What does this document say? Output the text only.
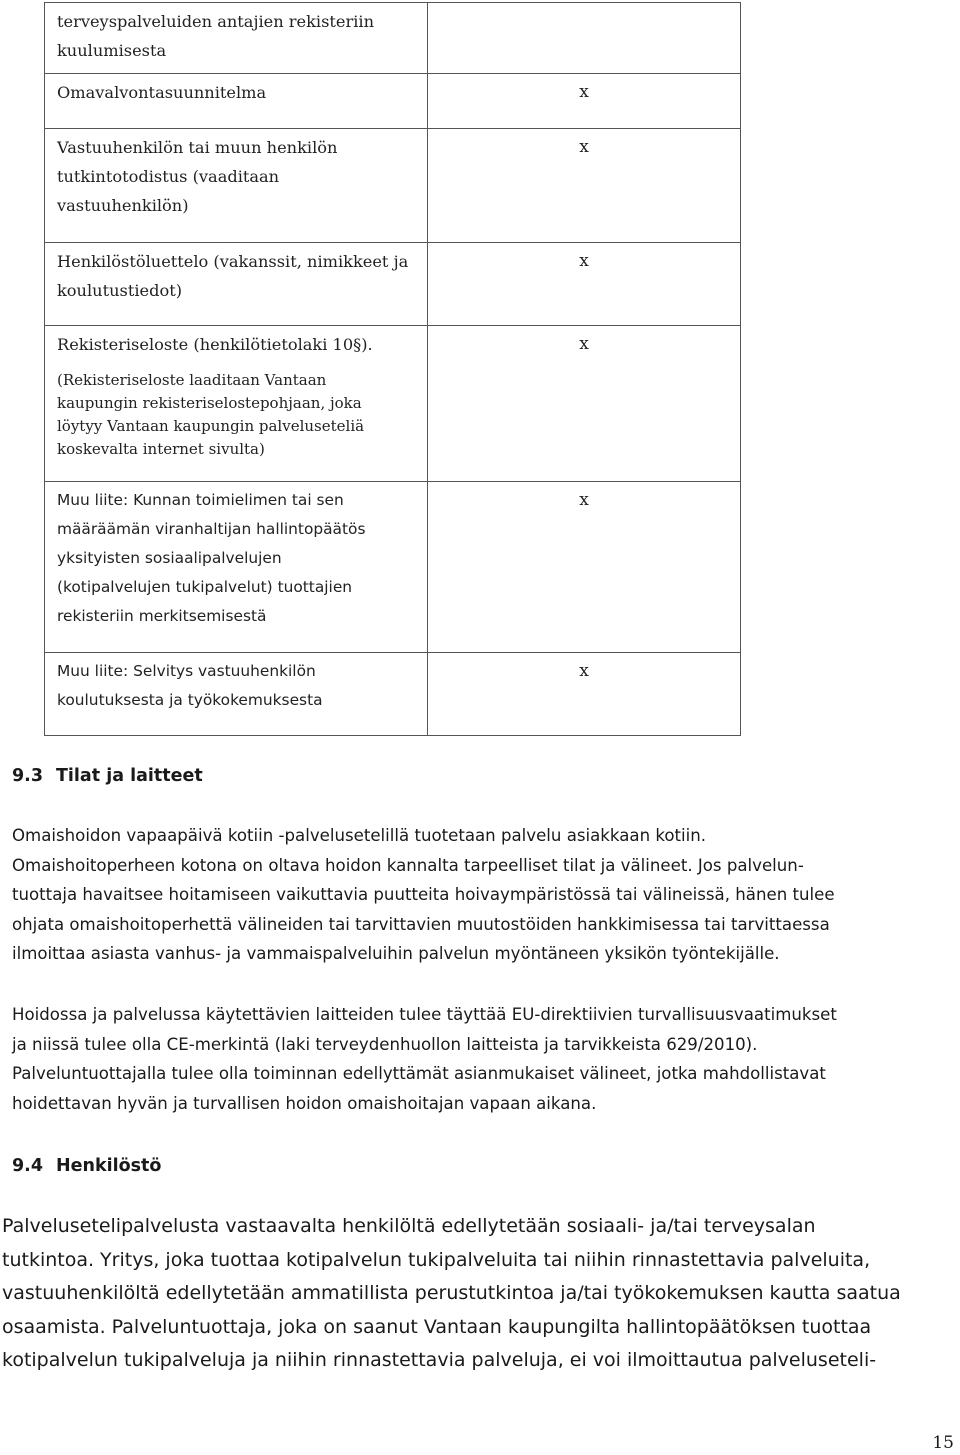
terveyspalveluiden antajien rekisteriin
kuulumisesta	

Omavalvontasuunnitelma	x

Vastuuhenkilön tai muun henkilön
tutkintotodistus (vaaditaan
vastuuhenkilön)	x

Henkilöstöluettelo (vakanssit, nimikkeet ja
koulutustiedot)	x

Rekisteriseloste (henkilötietolaki 10§).
(Rekisteriseloste laaditaan Vantaan
kaupungin rekisteriselostepohjaan, joka
löytyy Vantaan kaupungin palveluseteliä
koskevalta internet sivulta)	x

Muu liite: Kunnan toimielimen tai sen
määräämän viranhaltijan hallintopäätös
yksityisten sosiaalipalvelujen
(kotipalvelujen tukipalvelut) tuottajien
rekisteriin merkitsemisestä	x

Muu liite: Selvitys vastuuhenkilön
koulutuksesta ja työkokemuksesta	x
9.3 Tilat ja laitteet
Omaishoidon vapaapäivä kotiin -palvelusetelillä tuotetaan palvelu asiakkaan kotiin.
Omaishoitoperheen kotona on oltava hoidon kannalta tarpeelliset tilat ja välineet. Jos palvelun-
tuottaja havaitsee hoitamiseen vaikuttavia puutteita hoivaympäristössä tai välineissä, hänen tulee
ohjata omaishoitoperhettä välineiden tai tarvittavien muutostöiden hankkimisessa tai tarvittaessa
ilmoittaa asiasta vanhus- ja vammaispalveluihin palvelun myöntäneen yksikön työntekijälle.
Hoidossa ja palvelussa käytettävien laitteiden tulee täyttää EU-direktiivien turvallisuusvaatimukset
ja niissä tulee olla CE-merkintä (laki terveydenhuollon laitteista ja tarvikkeista 629/2010).
Palveluntuottajalla tulee olla toiminnan edellyttämät asianmukaiset välineet, jotka mahdollistavat
hoidettavan hyvän ja turvallisen hoidon omaishoitajan vapaan aikana.
9.4 Henkilöstö
Palvelusetelipalvelusta vastaavalta henkilöltä edellytetään sosiaali- ja/tai terveysalan
tutkintoa. Yritys, joka tuottaa kotipalvelun tukipalveluita tai niihin rinnastettavia palveluita,
vastuuhenkilöltä edellytetään ammatillista perustutkintoa ja/tai työkokemuksen kautta saatua
osaamista. Palveluntuottaja, joka on saanut Vantaan kaupungilta hallintopäätöksen tuottaa
kotipalvelun tukipalveluja ja niihin rinnastettavia palveluja, ei voi ilmoittautua palveluseteli-
15
